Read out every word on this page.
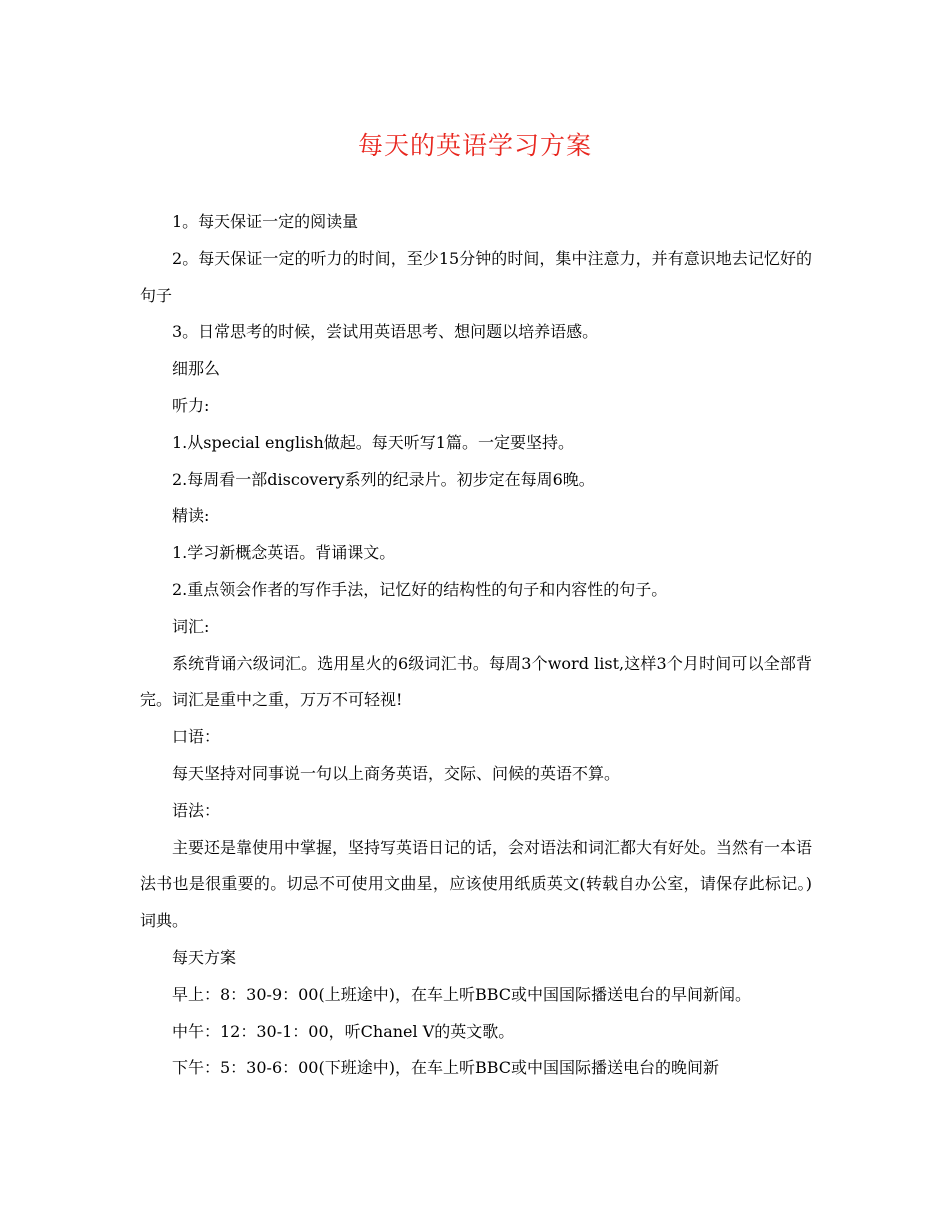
每天的英语学习方案

1。每天保证一定的阅读量

2。每天保证一定的听力的时间，至少15分钟的时间，集中注意力，并有意识地去记忆好的句子

3。日常思考的时候，尝试用英语思考、想问题以培养语感。

细那么

听力:

1.从special english做起。每天听写1篇。一定要坚持。

2.每周看一部discovery系列的纪录片。初步定在每周6晚。

精读:

1.学习新概念英语。背诵课文。

2.重点领会作者的写作手法，记忆好的结构性的句子和内容性的句子。

词汇:

系统背诵六级词汇。选用星火的6级词汇书。每周3个word list,这样3个月时间可以全部背完。词汇是重中之重，万万不可轻视!

口语：

每天坚持对同事说一句以上商务英语，交际、问候的英语不算。

语法：

主要还是靠使用中掌握，坚持写英语日记的话，会对语法和词汇都大有好处。当然有一本语法书也是很重要的。切忌不可使用文曲星，应该使用纸质英文(转载自办公室，请保存此标记。)词典。

每天方案

早上：8：30-9：00(上班途中)，在车上听BBC或中国国际播送电台的早间新闻。

中午：12：30-1：00，听Chanel V的英文歌。

下午：5：30-6：00(下班途中)，在车上听BBC或中国国际播送电台的晚间新
